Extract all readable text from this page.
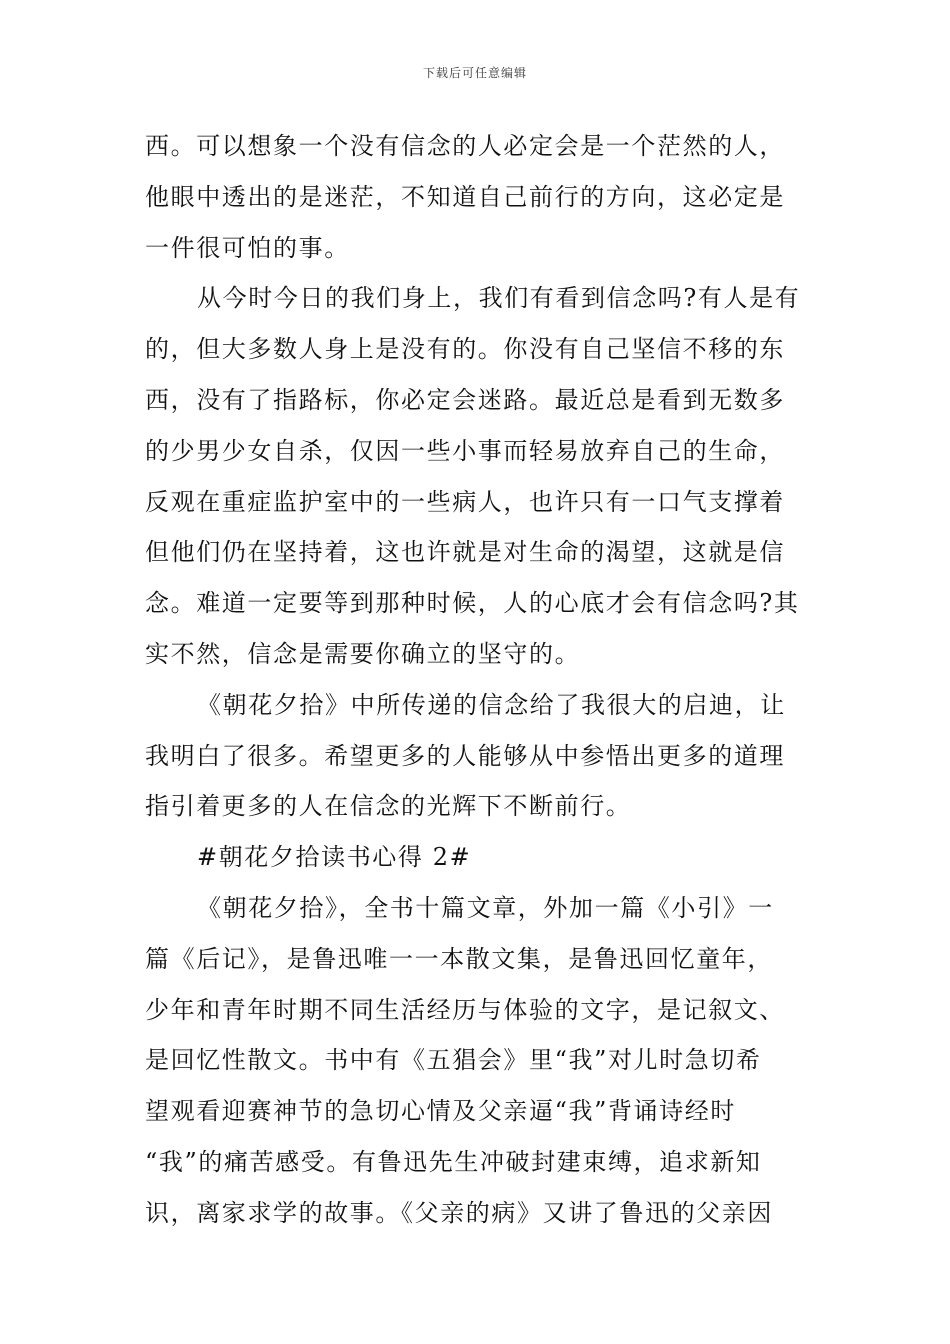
下载后可任意编辑
西。可以想象一个没有信念的人必定会是一个茫然的人，
他眼中透出的是迷茫，不知道自己前行的方向，这必定是
一件很可怕的事。
从今时今日的我们身上，我们有看到信念吗?有人是有
的，但大多数人身上是没有的。你没有自己坚信不移的东
西，没有了指路标，你必定会迷路。最近总是看到无数多
的少男少女自杀，仅因一些小事而轻易放弃自己的生命，
反观在重症监护室中的一些病人，也许只有一口气支撑着
但他们仍在坚持着，这也许就是对生命的渴望，这就是信
念。难道一定要等到那种时候，人的心底才会有信念吗?其
实不然，信念是需要你确立的坚守的。
《朝花夕拾》中所传递的信念给了我很大的启迪，让
我明白了很多。希望更多的人能够从中参悟出更多的道理
指引着更多的人在信念的光辉下不断前行。
#朝花夕拾读书心得 2#
《朝花夕拾》，全书十篇文章，外加一篇《小引》一
篇《后记》，是鲁迅唯一一本散文集，是鲁迅回忆童年，
少年和青年时期不同生活经历与体验的文字，是记叙文、
是回忆性散文。书中有《五猖会》里“我”对儿时急切希
望观看迎赛神节的急切心情及父亲逼“我”背诵诗经时
“我”的痛苦感受。有鲁迅先生冲破封建束缚，追求新知
识，离家求学的故事。《父亲的病》又讲了鲁迅的父亲因
